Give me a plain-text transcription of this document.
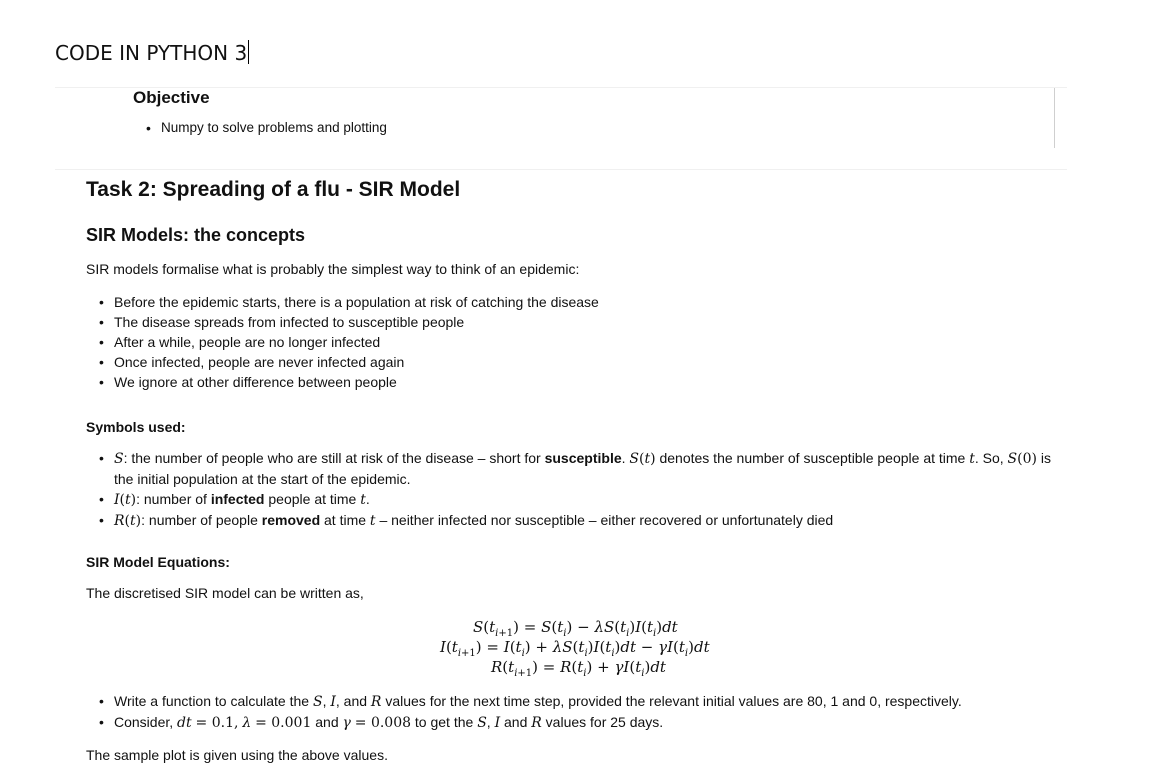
CODE IN PYTHON 3
Objective
• Numpy to solve problems and plotting
Task 2: Spreading of a flu - SIR Model
SIR Models: the concepts
SIR models formalise what is probably the simplest way to think of an epidemic:
• Before the epidemic starts, there is a population at risk of catching the disease
• The disease spreads from infected to susceptible people
• After a while, people are no longer infected
• Once infected, people are never infected again
• We ignore at other difference between people
Symbols used:
• S: the number of people who are still at risk of the disease – short for susceptible. S(t) denotes the number of susceptible people at time t. So, S(0) is
the initial population at the start of the epidemic.
• I(t): number of infected people at time t.
• R(t): number of people removed at time t – neither infected nor susceptible – either recovered or unfortunately died
SIR Model Equations:
The discretised SIR model can be written as,
$S(t_{i+1}) = S(t_i) - \lambda S(t_i)I(t_i)dt$
$I(t_{i+1}) = I(t_i) + \lambda S(t_i)I(t_i)dt - \gamma I(t_i)dt$
$R(t_{i+1}) = R(t_i) + \gamma I(t_i)dt$
• Write a function to calculate the S, I, and R values for the next time step, provided the relevant initial values are 80, 1 and 0, respectively.
• Consider, dt = 0.1, λ = 0.001 and γ = 0.008 to get the S, I and R values for 25 days.
The sample plot is given using the above values.
